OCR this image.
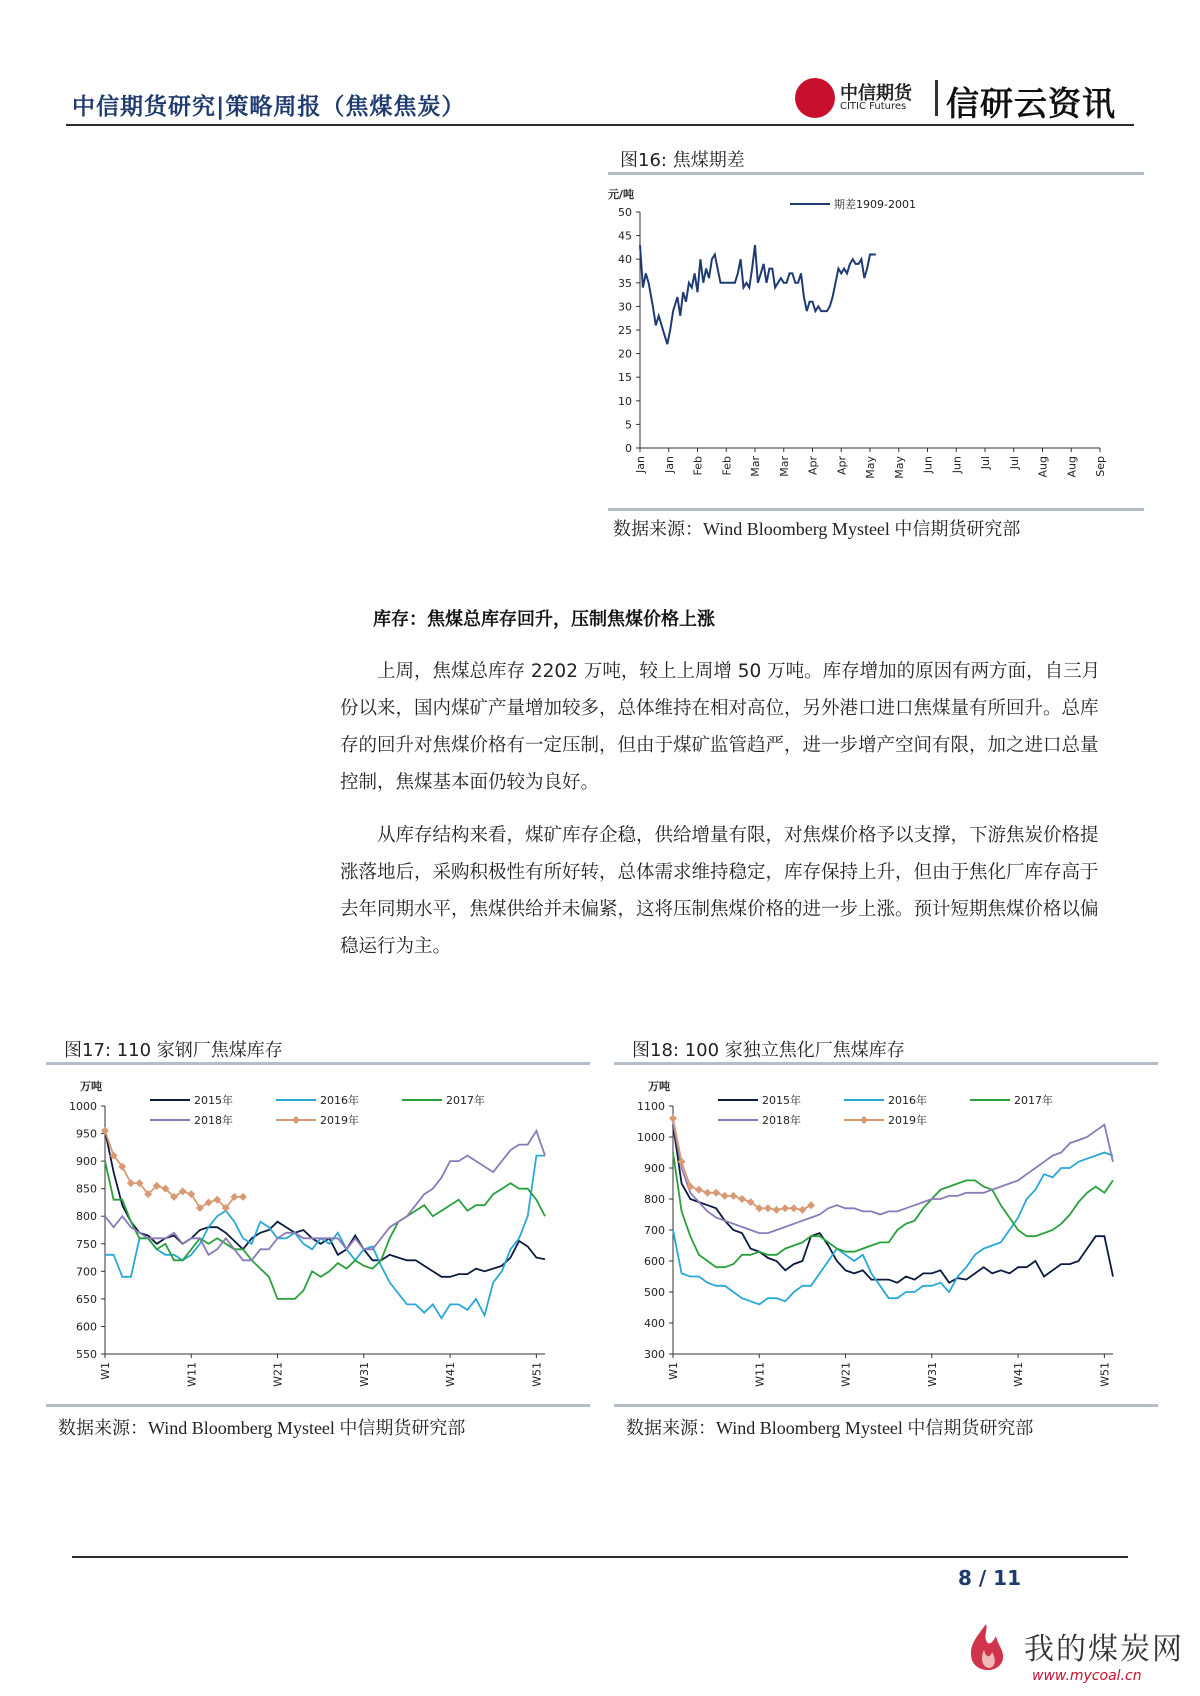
中信期货研究|策略周报（焦煤焦炭）
中信期货
CITIC Futures 信研云资讯
图16: 焦煤期差
0
5
10
15
20
25
30
35
40
45
50
元/吨
Jan Jan Feb Feb Mar Mar Apr Apr May May Jun Jun Jul Jul Aug Aug Sep
期差1909-2001
数据来源：Wind Bloomberg Mysteel 中信期货研究部
库存：焦煤总库存回升，压制焦煤价格上涨
上周，焦煤总库存 2202 万吨，较上上周增 50 万吨。库存增加的原因有两方面，自三月份以来，国内煤矿产量增加较多，总体维持在相对高位，另外港口进口焦煤量有所回升。总库存的回升对焦煤价格有一定压制，但由于煤矿监管趋严，进一步增产空间有限，加之进口总量控制，焦煤基本面仍较为良好。
从库存结构来看，煤矿库存企稳，供给增量有限，对焦煤价格予以支撑，下游焦炭价格提涨落地后，采购积极性有所好转，总体需求维持稳定，库存保持上升，但由于焦化厂库存高于去年同期水平，焦煤供给并未偏紧，这将压制焦煤价格的进一步上涨。预计短期焦煤价格以偏稳运行为主。
图17: 110 家钢厂焦煤库存
550
600
650
700
750
800
850
900
950
1000
万吨
W1	W11	W21	W31	W41	W51
2015年	2016年	2017年
2018年	2019年
数据来源：Wind Bloomberg Mysteel 中信期货研究部
图18: 100 家独立焦化厂焦煤库存
300
400
500
600
700
800
900
1000
1100
万吨
W1	W11	W21	W31	W41	W51
2015年	2016年	2017年
2018年	2019年
数据来源：Wind Bloomberg Mysteel 中信期货研究部
8 / 11
我的煤炭网
www.mycoal.cn
